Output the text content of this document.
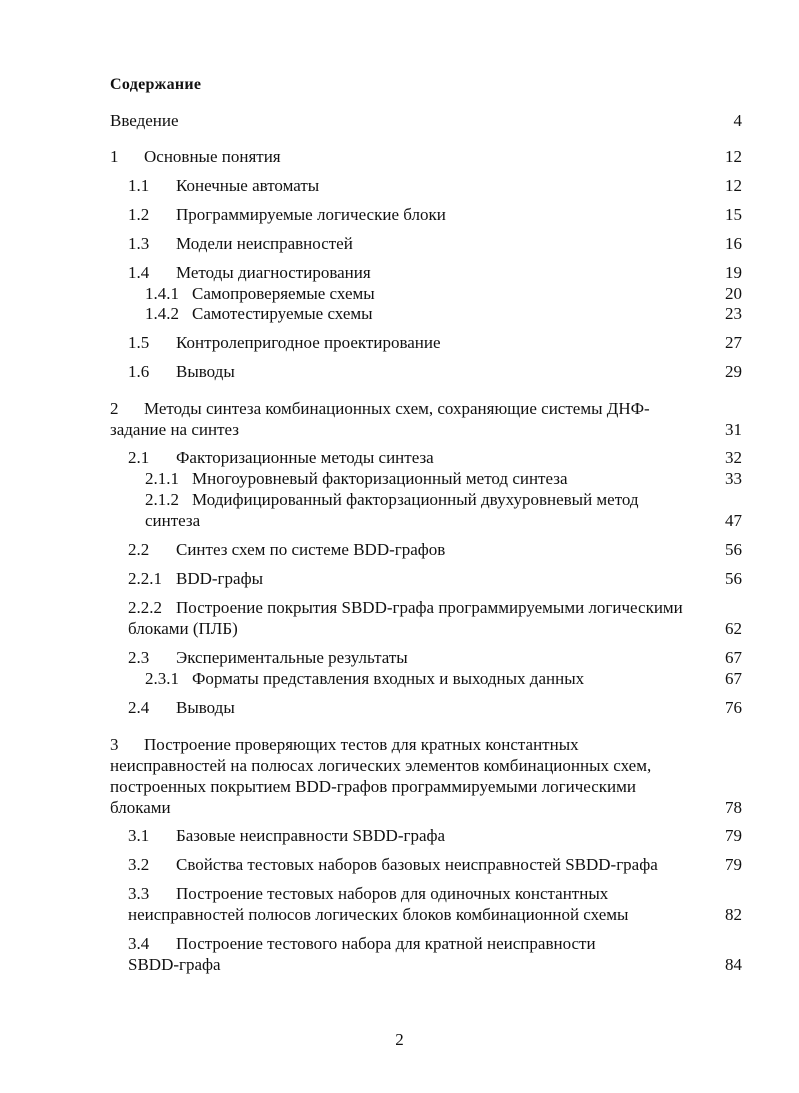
Содержание
Введение	4
1 Основные понятия	12
1.1 Конечные автоматы	12
1.2 Программируемые логические блоки	15
1.3 Модели неисправностей	16
1.4 Методы диагностирования	19
1.4.1 Самопроверяемые схемы	20
1.4.2 Самотестируемые схемы	23
1.5 Контролепригодное проектирование	27
1.6 Выводы	29
2 Методы синтеза комбинационных схем, сохраняющие системы ДНФ-
задание на синтез	31
2.1 Факторизационные методы синтеза	32
2.1.1 Многоуровневый факторизационный метод синтеза	33
2.1.2 Модифицированный факторзационный двухуровневый метод
синтеза	47
2.2 Синтез схем по системе BDD-графов	56
2.2.1 BDD-графы	56
2.2.2 Построение покрытия SBDD-графа программируемыми логическими
блоками (ПЛБ)	62
2.3 Экспериментальные результаты	67
2.3.1 Форматы представления входных и выходных данных	67
2.4 Выводы	76
3 Построение проверяющих тестов для кратных константных
неисправностей на полюсах логических элементов комбинационных схем,
построенных покрытием BDD-графов программируемыми логическими
блоками	78
3.1 Базовые неисправности SBDD-графа	79
3.2 Свойства тестовых наборов базовых неисправностей SBDD-графа	79
3.3 Построение тестовых наборов для одиночных константных
неисправностей полюсов логических блоков комбинационной схемы	82
3.4 Построение тестового набора для кратной неисправности
SBDD-графа	84
2
